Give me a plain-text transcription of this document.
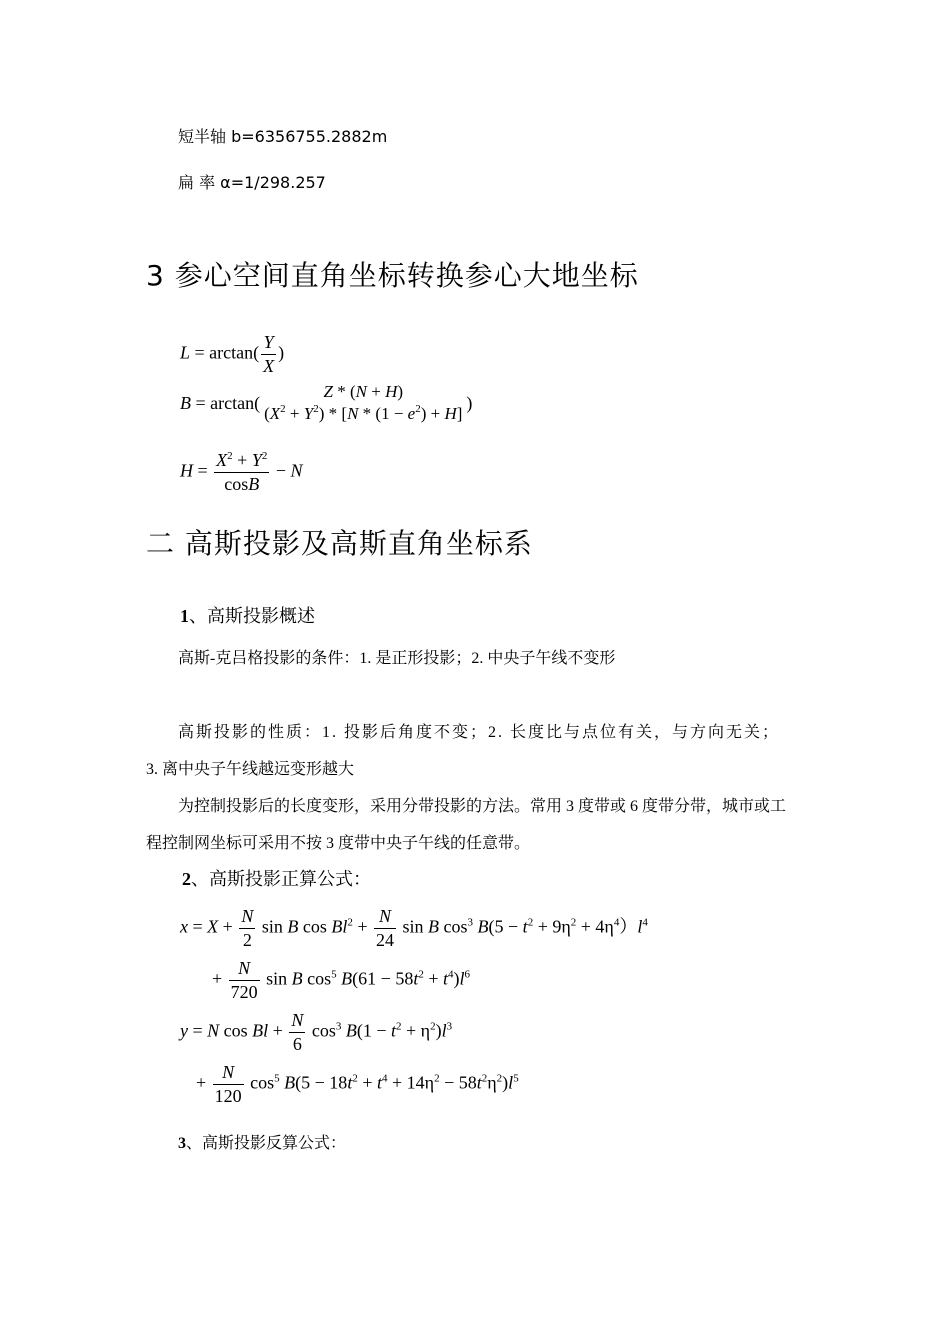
短半轴 b=6356755.2882m
扁 率 α=1/298.257
3 参心空间直角坐标转换参心大地坐标
$L = \arctan( \frac{Y}{X}$ )
B = arctan(
Z * (N + H)
$(X^2 + Y^2) * [N * (1 - e^2) + H]$
)
$H = \frac{X^2 + Y^2}{\cos B} - N$
二 高斯投影及高斯直角坐标系
1、高斯投影概述
高斯-克吕格投影的条件：1. 是正形投影；2. 中央子午线不变形
高斯投影的性质：1. 投影后角度不变；2. 长度比与点位有关，与方向无关；
3. 离中央子午线越远变形越大
为控制投影后的长度变形，采用分带投影的方法。常用 3 度带或 6 度带分带，城市或工
程控制网坐标可采用不按 3 度带中央子午线的任意带。
2、高斯投影正算公式：
$x = X + \frac{N}{2}$ sin B $\cos Bl^2 + \frac{N}{24}$ sin B $\cos^3 B(5 - t^2 + 9\eta^2 + 4\eta^4)l^4$
+ $\frac{N}{720}$ sin B $\cos^5 B(61 - 58t^2 + t^4)l^6$
y = N $\cos Bl + \frac{N}{6} \cos^3 B(1 - t^2 + \eta^2)l^3$
+ $\frac{N}{120} \cos^5 B(5 - 18t^2 + t^4 + 14\eta^2 - 58t^2\eta^2)l^5$
3、高斯投影反算公式：
